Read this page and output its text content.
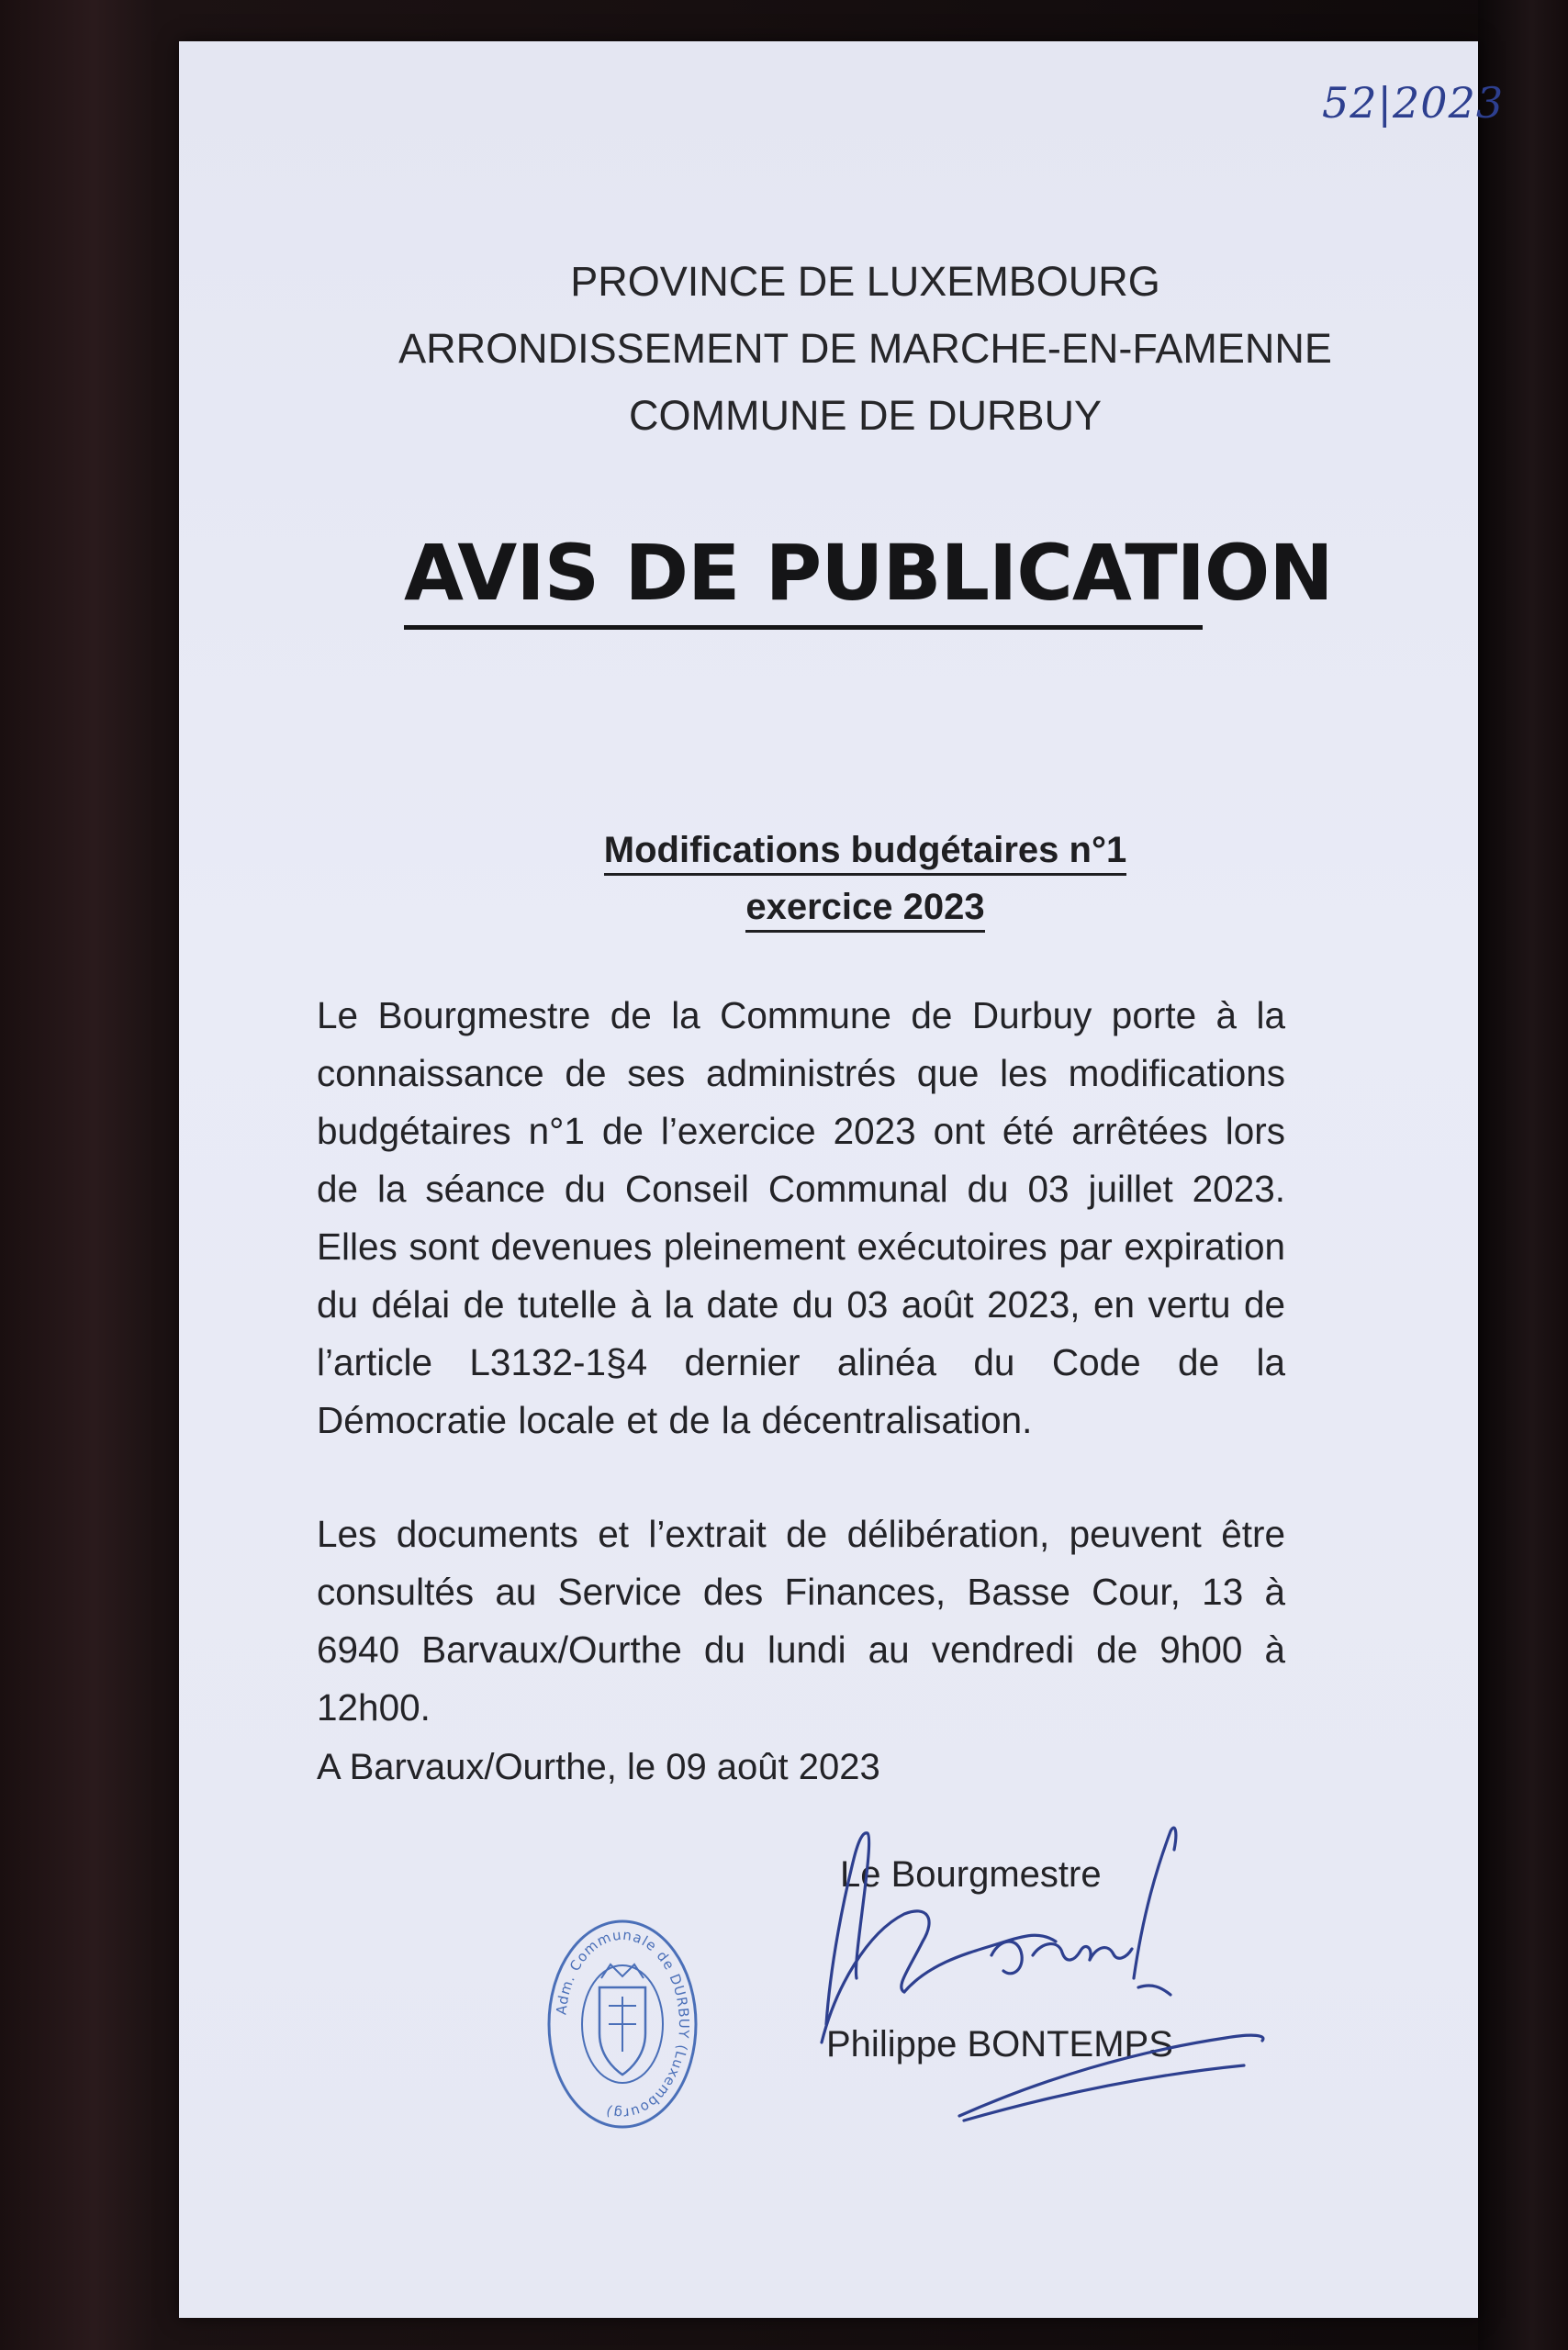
52|2023
PROVINCE DE LUXEMBOURG
ARRONDISSEMENT DE MARCHE-EN-FAMENNE
COMMUNE DE DURBUY
AVIS DE PUBLICATION
Modifications budgétaires n°1
exercice 2023
Le Bourgmestre de la Commune de Durbuy porte à la connaissance de ses administrés que les modifications budgétaires n°1 de l’exercice 2023 ont été arrêtées lors de la séance du Conseil Communal du 03 juillet 2023. Elles sont devenues pleinement exécutoires par expiration du délai de tutelle à la date du 03 août 2023, en vertu de l’article L3132-1§4 dernier alinéa du Code de la Démocratie locale et de la décentralisation.
Les documents et l’extrait de délibération, peuvent être consultés au Service des Finances, Basse Cour, 13 à 6940 Barvaux/Ourthe du lundi au vendredi de 9h00 à 12h00.
A Barvaux/Ourthe, le 09 août 2023
Le Bourgmestre
Philippe BONTEMPS
Adm. Communale de DURBUY (Luxembourg)
